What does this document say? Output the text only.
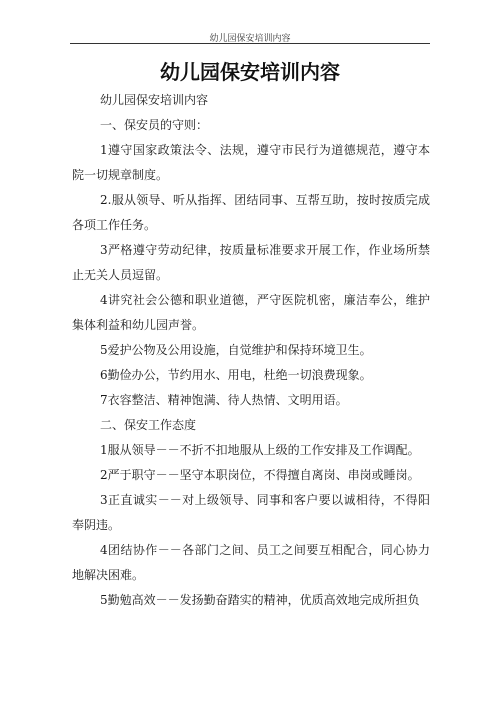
幼儿园保安培训内容
幼儿园保安培训内容

幼儿园保安培训内容

一、保安员的守则：

1遵守国家政策法令、法规，遵守市民行为道德规范，遵守本院一切规章制度。

2.服从领导、听从指挥、团结同事、互帮互助，按时按质完成各项工作任务。

3严格遵守劳动纪律，按质量标准要求开展工作，作业场所禁止无关人员逗留。

4讲究社会公德和职业道德，严守医院机密，廉洁奉公，维护集体利益和幼儿园声誉。

5爱护公物及公用设施，自觉维护和保持环境卫生。

6勤俭办公，节约用水、用电，杜绝一切浪费现象。

7衣容整洁、精神饱满、待人热情、文明用语。

二、保安工作态度

1服从领导－－不折不扣地服从上级的工作安排及工作调配。

2严于职守－－坚守本职岗位，不得擅自离岗、串岗或睡岗。

3正直诚实－－对上级领导、同事和客户要以诚相待，不得阳奉阴违。

4团结协作－－各部门之间、员工之间要互相配合，同心协力地解决困难。

5勤勉高效－－发扬勤奋踏实的精神，优质高效地完成所担负
